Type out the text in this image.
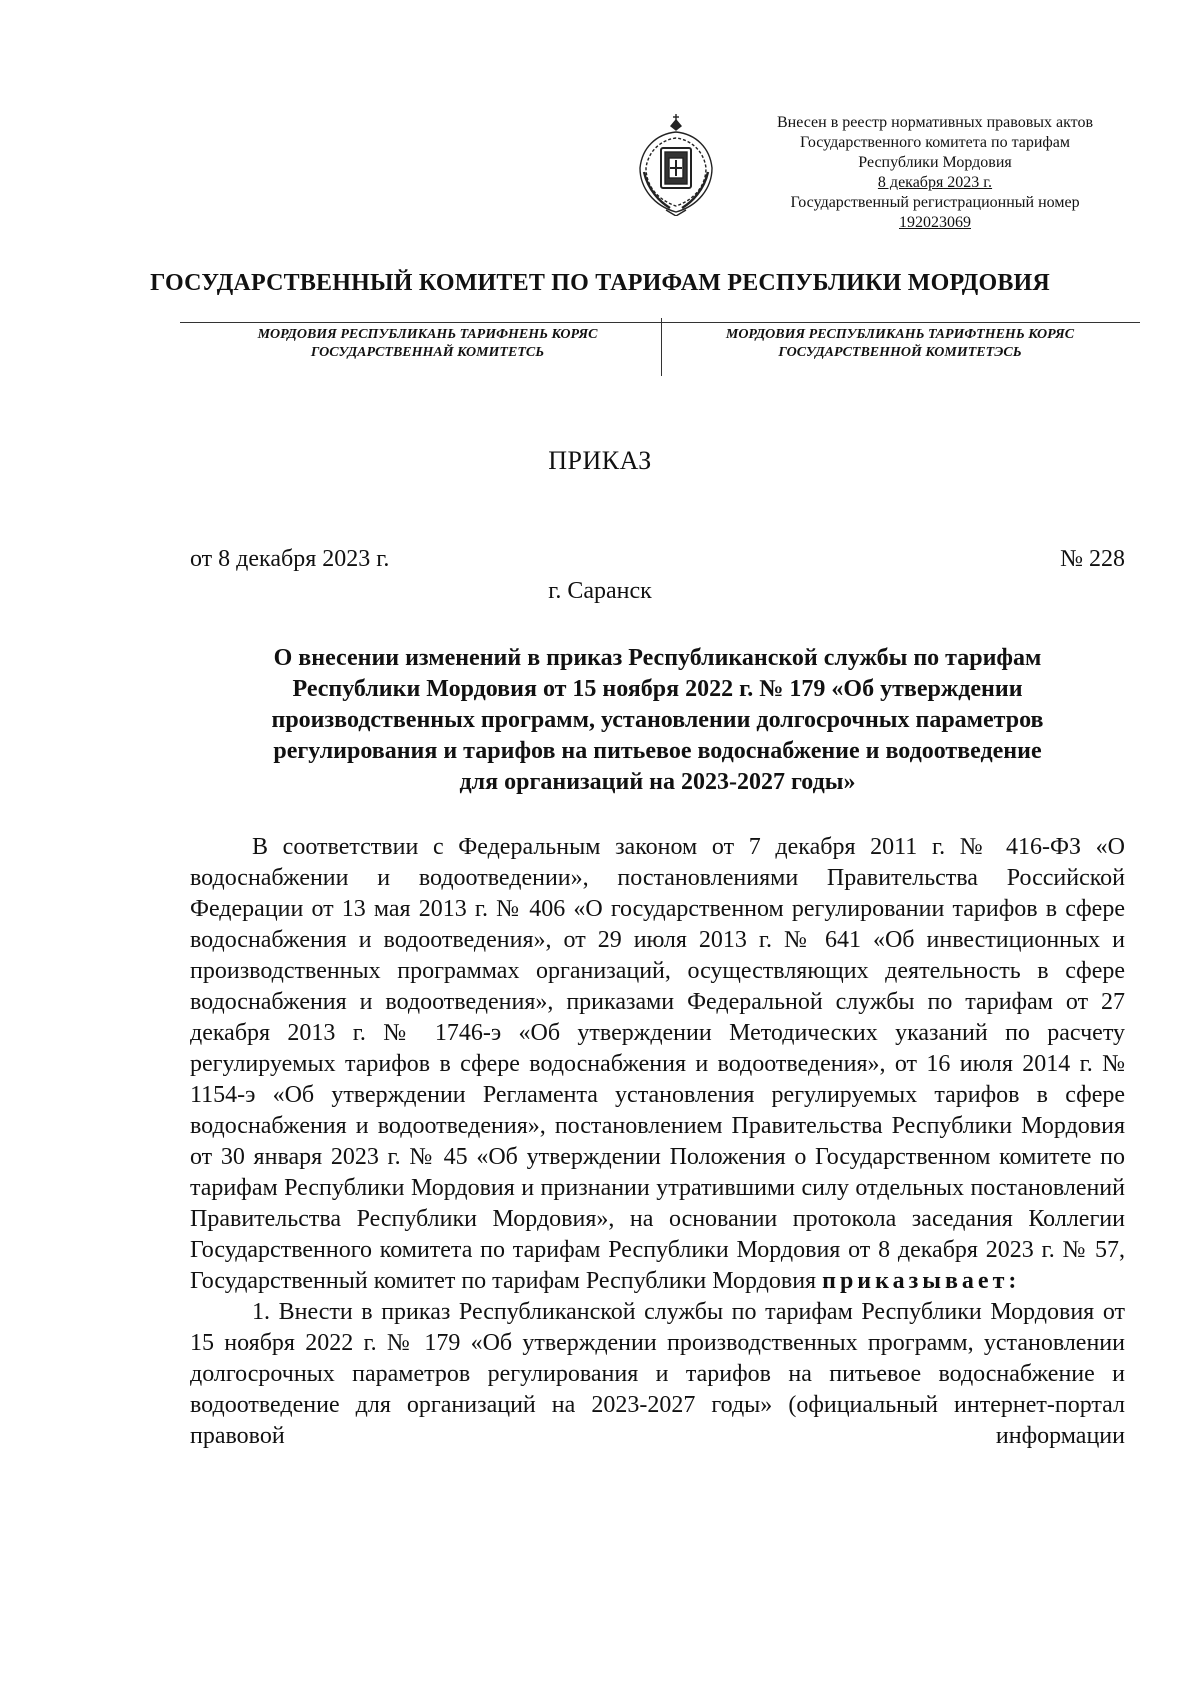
Внесен в реестр нормативных правовых актов
Государственного комитета по тарифам
Республики Мордовия
8 декабря 2023 г.
Государственный регистрационный номер
192023069
ГОСУДАРСТВЕННЫЙ КОМИТЕТ ПО ТАРИФАМ РЕСПУБЛИКИ МОРДОВИЯ
МОРДОВИЯ РЕСПУБЛИКАНЬ ТАРИФНЕНЬ КОРЯС
ГОСУДАРСТВЕННАЙ КОМИТЕТСЬ
МОРДОВИЯ РЕСПУБЛИКАНЬ ТАРИФТНЕНЬ КОРЯС
ГОСУДАРСТВЕННОЙ КОМИТЕТЭСЬ
ПРИКАЗ
от 8 декабря 2023 г.	№ 228
г. Саранск
О внесении изменений в приказ Республиканской службы по тарифам
Республики Мордовия от 15 ноября 2022 г. № 179 «Об утверждении
производственных программ, установлении долгосрочных параметров
регулирования и тарифов на питьевое водоснабжение и водоотведение
для организаций на 2023-2027 годы»

В соответствии с Федеральным законом от 7 декабря 2011 г. № 416-ФЗ «О водоснабжении и водоотведении», постановлениями Правительства Российской Федерации от 13 мая 2013 г. № 406 «О государственном регулировании тарифов в сфере водоснабжения и водоотведения», от 29 июля 2013 г. № 641 «Об инвестиционных и производственных программах организаций, осуществляющих деятельность в сфере водоснабжения и водоотведения», приказами Федеральной службы по тарифам от 27 декабря 2013 г. № 1746-э «Об утверждении Методических указаний по расчету регулируемых тарифов в сфере водоснабжения и водоотведения», от 16 июля 2014 г. № 1154-э «Об утверждении Регламента установления регулируемых тарифов в сфере водоснабжения и водоотведения», постановлением Правительства Республики Мордовия от 30 января 2023 г. № 45 «Об утверждении Положения о Государственном комитете по тарифам Республики Мордовия и признании утратившими силу отдельных постановлений Правительства Республики Мордовия», на основании протокола заседания Коллегии Государственного комитета по тарифам Республики Мордовия от 8 декабря 2023 г. № 57, Государственный комитет по тарифам Республики Мордовия приказывает:

1. Внести в приказ Республиканской службы по тарифам Республики Мордовия от 15 ноября 2022 г. № 179 «Об утверждении производственных программ, установлении долгосрочных параметров регулирования и тарифов на питьевое водоснабжение и водоотведение для организаций на 2023-2027 годы» (официальный интернет-портал правовой информации
